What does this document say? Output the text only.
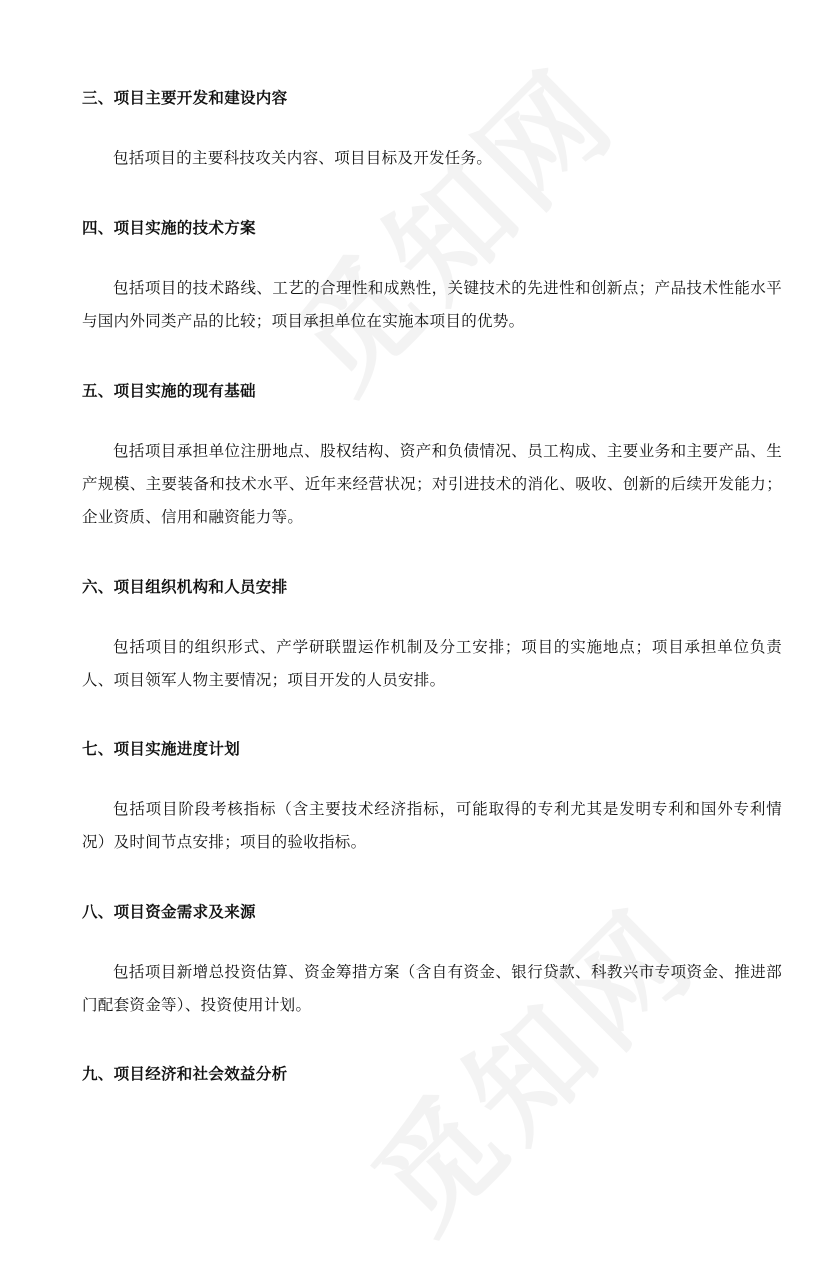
三、项目主要开发和建设内容
包括项目的主要科技攻关内容、项目目标及开发任务。
四、项目实施的技术方案
包括项目的技术路线、工艺的合理性和成熟性，关键技术的先进性和创新点；产品技术性能水平与国内外同类产品的比较；项目承担单位在实施本项目的优势。
五、项目实施的现有基础
包括项目承担单位注册地点、股权结构、资产和负债情况、员工构成、主要业务和主要产品、生产规模、主要装备和技术水平、近年来经营状况；对引进技术的消化、吸收、创新的后续开发能力；企业资质、信用和融资能力等。
六、项目组织机构和人员安排
包括项目的组织形式、产学研联盟运作机制及分工安排；项目的实施地点；项目承担单位负责人、项目领军人物主要情况；项目开发的人员安排。
七、项目实施进度计划
包括项目阶段考核指标（含主要技术经济指标，可能取得的专利尤其是发明专利和国外专利情况）及时间节点安排；项目的验收指标。
八、项目资金需求及来源
包括项目新增总投资估算、资金筹措方案（含自有资金、银行贷款、科教兴市专项资金、推进部门配套资金等）、投资使用计划。
九、项目经济和社会效益分析
